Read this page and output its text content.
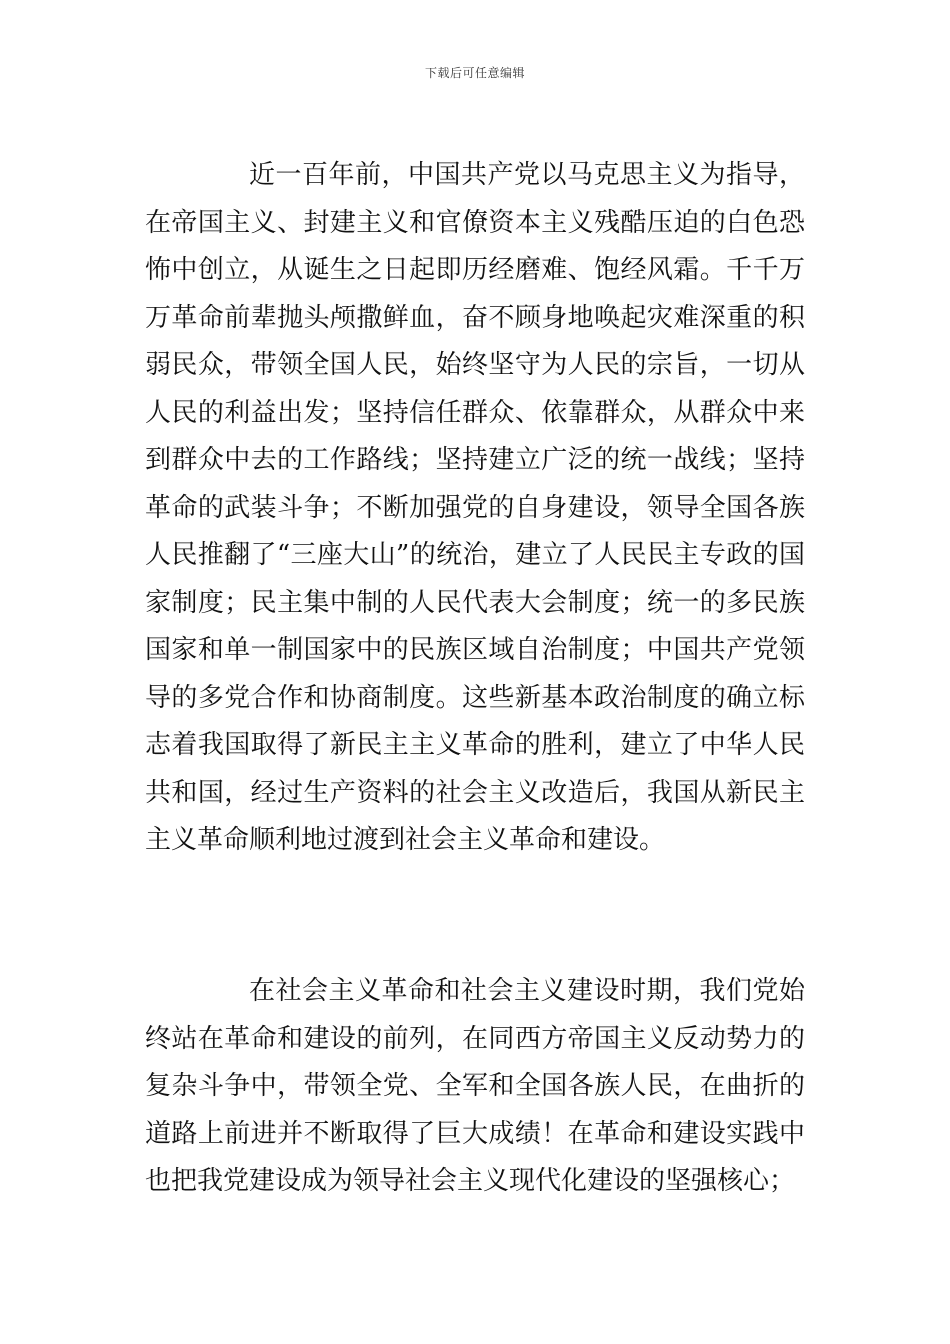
下载后可任意编辑

近一百年前，中国共产党以马克思主义为指导，在帝国主义、封建主义和官僚资本主义残酷压迫的白色恐怖中创立，从诞生之日起即历经磨难、饱经风霜。千千万万革命前辈抛头颅撒鲜血，奋不顾身地唤起灾难深重的积弱民众，带领全国人民，始终坚守为人民的宗旨，一切从人民的利益出发；坚持信任群众、依靠群众，从群众中来到群众中去的工作路线；坚持建立广泛的统一战线；坚持革命的武装斗争；不断加强党的自身建设，领导全国各族人民推翻了“三座大山”的统治，建立了人民民主专政的国家制度；民主集中制的人民代表大会制度；统一的多民族国家和单一制国家中的民族区域自治制度；中国共产党领导的多党合作和协商制度。这些新基本政治制度的确立标志着我国取得了新民主主义革命的胜利，建立了中华人民共和国，经过生产资料的社会主义改造后，我国从新民主主义革命顺利地过渡到社会主义革命和建设。

在社会主义革命和社会主义建设时期，我们党始终站在革命和建设的前列，在同西方帝国主义反动势力的复杂斗争中，带领全党、全军和全国各族人民，在曲折的道路上前进并不断取得了巨大成绩！在革命和建设实践中也把我党建设成为领导社会主义现代化建设的坚强核心；
